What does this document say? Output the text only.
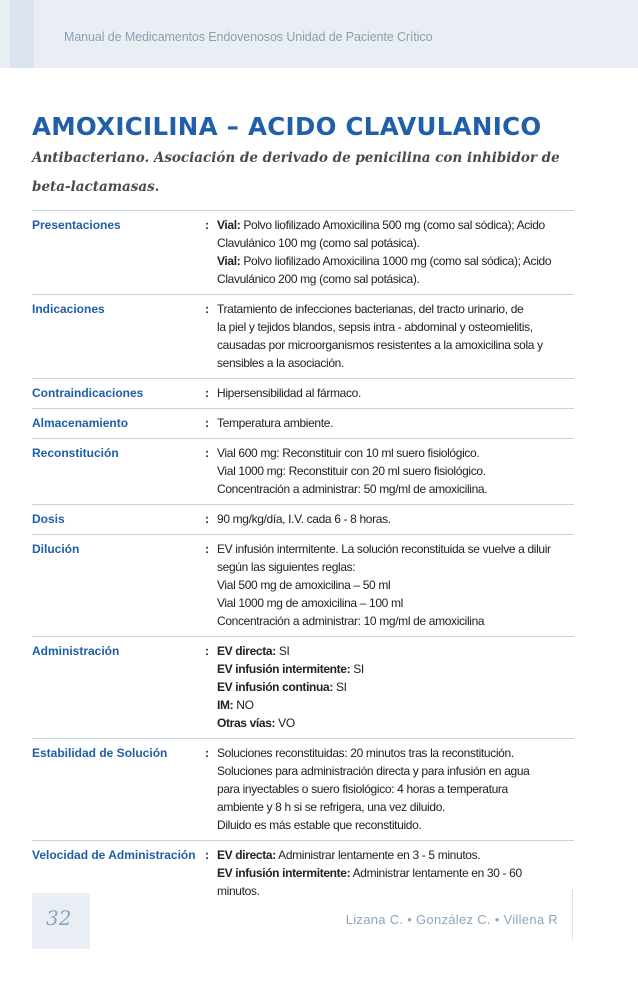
Manual de Medicamentos Endovenosos Unidad de Paciente Crítico
AMOXICILINA – ACIDO CLAVULANICO

Antibacteriano. Asociación de derivado de penicilina con inhibidor de beta-lactamasas.

Presentaciones	: Vial: Polvo liofilizado Amoxicilina 500 mg (como sal sódica); Acido
Clavulánico 100 mg (como sal potásica).
Vial: Polvo liofilizado Amoxicilina 1000 mg (como sal sódica); Acido
Clavulánico 200 mg (como sal potásica).
Indicaciones	: Tratamiento de infecciones bacterianas, del tracto urinario, de
la piel y tejidos blandos, sepsis intra - abdominal y osteomielitis,
causadas por microorganismos resistentes a la amoxicilina sola y
sensibles a la asociación.
Contraindicaciones	: Hipersensibilidad al fármaco.
Almacenamiento	: Temperatura ambiente.
Reconstitución	: Vial 600 mg: Reconstituir con 10 ml suero fisiológico.
Vial 1000 mg: Reconstituir con 20 ml suero fisiológico.
Concentración a administrar: 50 mg/ml de amoxicilina.
Dosis	: 90 mg/kg/día, I.V. cada 6 - 8 horas.
Dilución	: EV infusión intermitente. La solución reconstituida se vuelve a diluir
según las siguientes reglas:
Vial 500 mg de amoxicilina – 50 ml
Vial 1000 mg de amoxicilina – 100 ml
Concentración a administrar: 10 mg/ml de amoxicilina
Administración	: EV directa: SI
EV infusión intermitente: SI
EV infusión continua: SI
IM: NO
Otras vías: VO
Estabilidad de Solución	: Soluciones reconstituidas: 20 minutos tras la reconstitución.
Soluciones para administración directa y para infusión en agua
para inyectables o suero fisiológico: 4 horas a temperatura
ambiente y 8 h si se refrigera, una vez diluido.
Diluido es más estable que reconstituido.
Velocidad de Administración : EV directa: Administrar lentamente en 3 - 5 minutos.
EV infusión intermitente: Administrar lentamente en 30 - 60
minutos.
32	Lizana C. • González C. • Villena R
